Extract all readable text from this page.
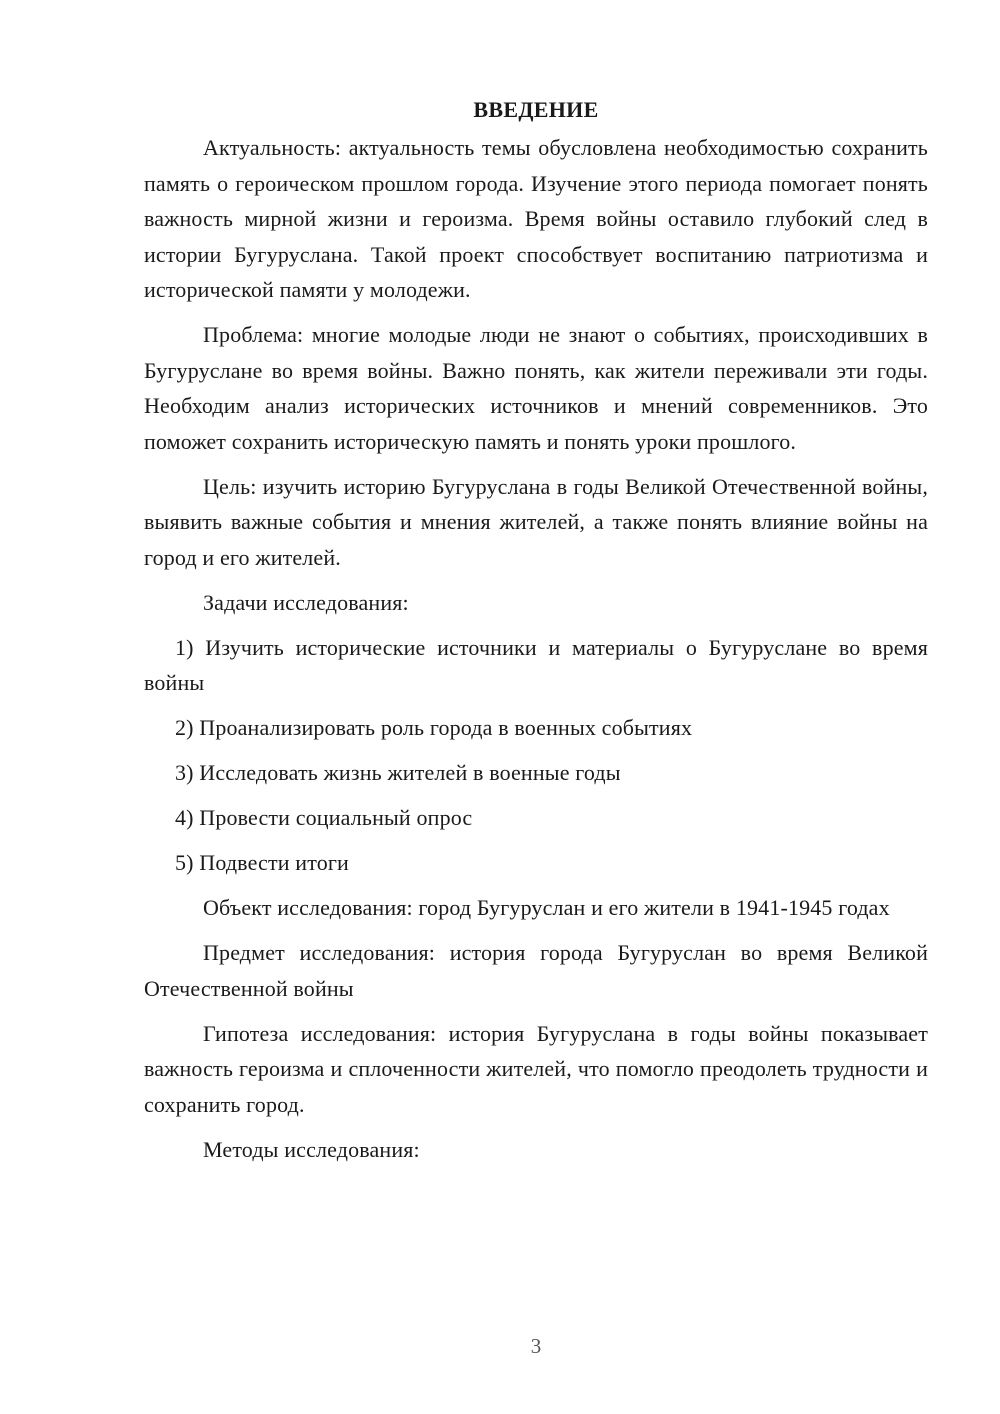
ВВЕДЕНИЕ

Актуальность: актуальность темы обусловлена необходимостью сохранить память о героическом прошлом города. Изучение этого периода помогает понять важность мирной жизни и героизма. Время войны оставило глубокий след в истории Бугуруслана. Такой проект способствует воспитанию патриотизма и исторической памяти у молодежи.

Проблема: многие молодые люди не знают о событиях, происходивших в Бугуруслане во время войны. Важно понять, как жители переживали эти годы. Необходим анализ исторических источников и мнений современников. Это поможет сохранить историческую память и понять уроки прошлого.

Цель: изучить историю Бугуруслана в годы Великой Отечественной войны, выявить важные события и мнения жителей, а также понять влияние войны на город и его жителей.

Задачи исследования:

1) Изучить исторические источники и материалы о Бугуруслане во время войны

2) Проанализировать роль города в военных событиях

3) Исследовать жизнь жителей в военные годы

4) Провести социальный опрос

5) Подвести итоги

Объект исследования: город Бугуруслан и его жители в 1941-1945 годах

Предмет исследования: история города Бугуруслан во время Великой Отечественной войны

Гипотеза исследования: история Бугуруслана в годы войны показывает важность героизма и сплоченности жителей, что помогло преодолеть трудности и сохранить город.

Методы исследования:

3
